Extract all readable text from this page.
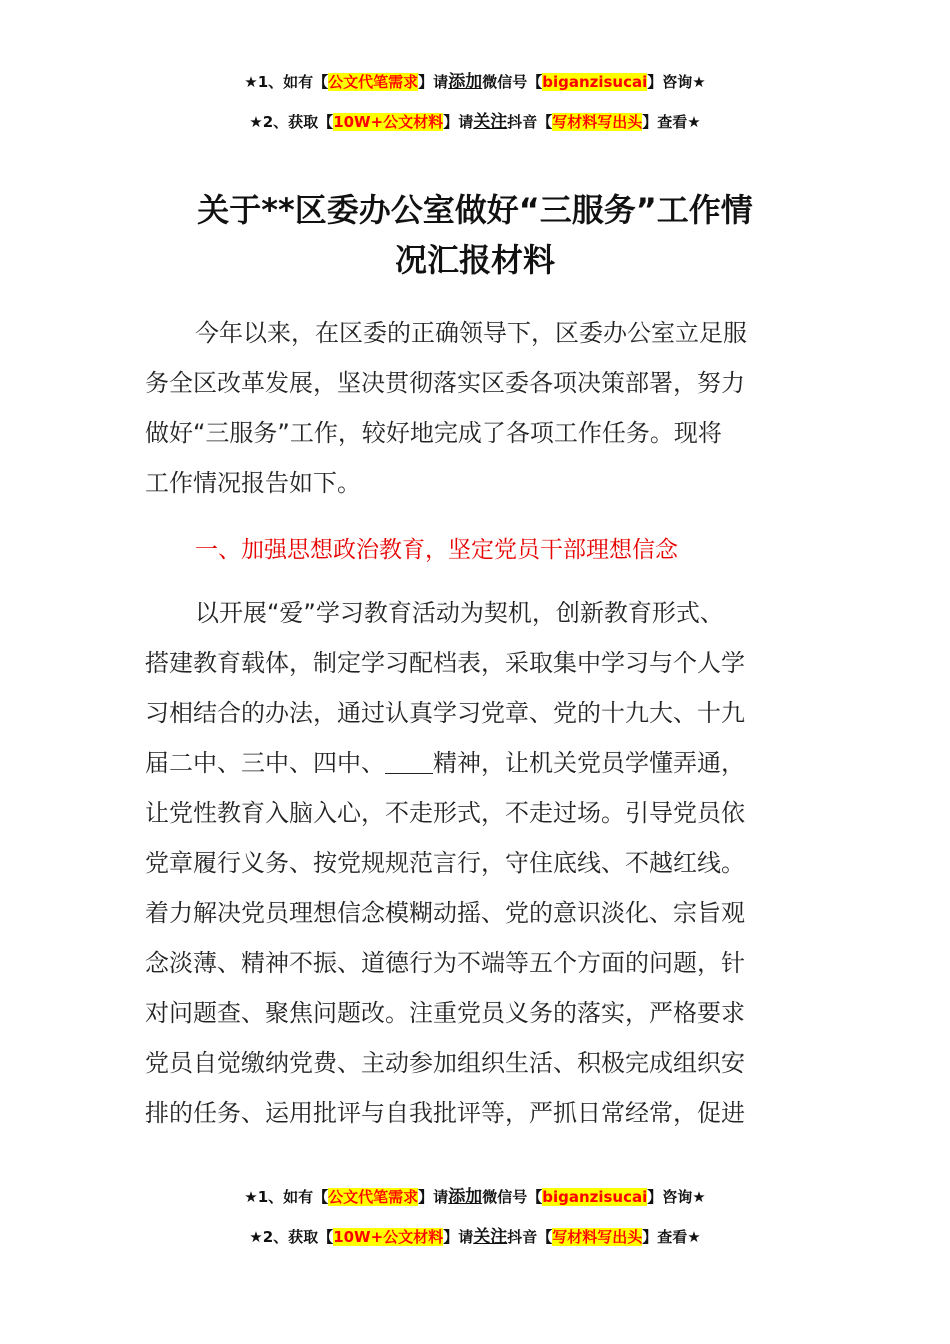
★1、如有【公文代笔需求】请添加微信号【biganzisucai】咨询★
★2、获取【10W+公文材料】请关注抖音【写材料写出头】查看★
关于**区委办公室做好“三服务”工作情
况汇报材料
今年以来，在区委的正确领导下，区委办公室立足服
务全区改革发展，坚决贯彻落实区委各项决策部署，努力
做好“三服务”工作，较好地完成了各项工作任务。现将
工作情况报告如下。
一、加强思想政治教育，坚定党员干部理想信念
以开展“爱”学习教育活动为契机，创新教育形式、
搭建教育载体，制定学习配档表，采取集中学习与个人学
习相结合的办法，通过认真学习党章、党的十九大、十九
届二中、三中、四中、＿＿精神，让机关党员学懂弄通，
让党性教育入脑入心，不走形式，不走过场。引导党员依
党章履行义务、按党规规范言行，守住底线、不越红线。
着力解决党员理想信念模糊动摇、党的意识淡化、宗旨观
念淡薄、精神不振、道德行为不端等五个方面的问题，针
对问题查、聚焦问题改。注重党员义务的落实，严格要求
党员自觉缴纳党费、主动参加组织生活、积极完成组织安
排的任务、运用批评与自我批评等，严抓日常经常，促进
★1、如有【公文代笔需求】请添加微信号【biganzisucai】咨询★
★2、获取【10W+公文材料】请关注抖音【写材料写出头】查看★
